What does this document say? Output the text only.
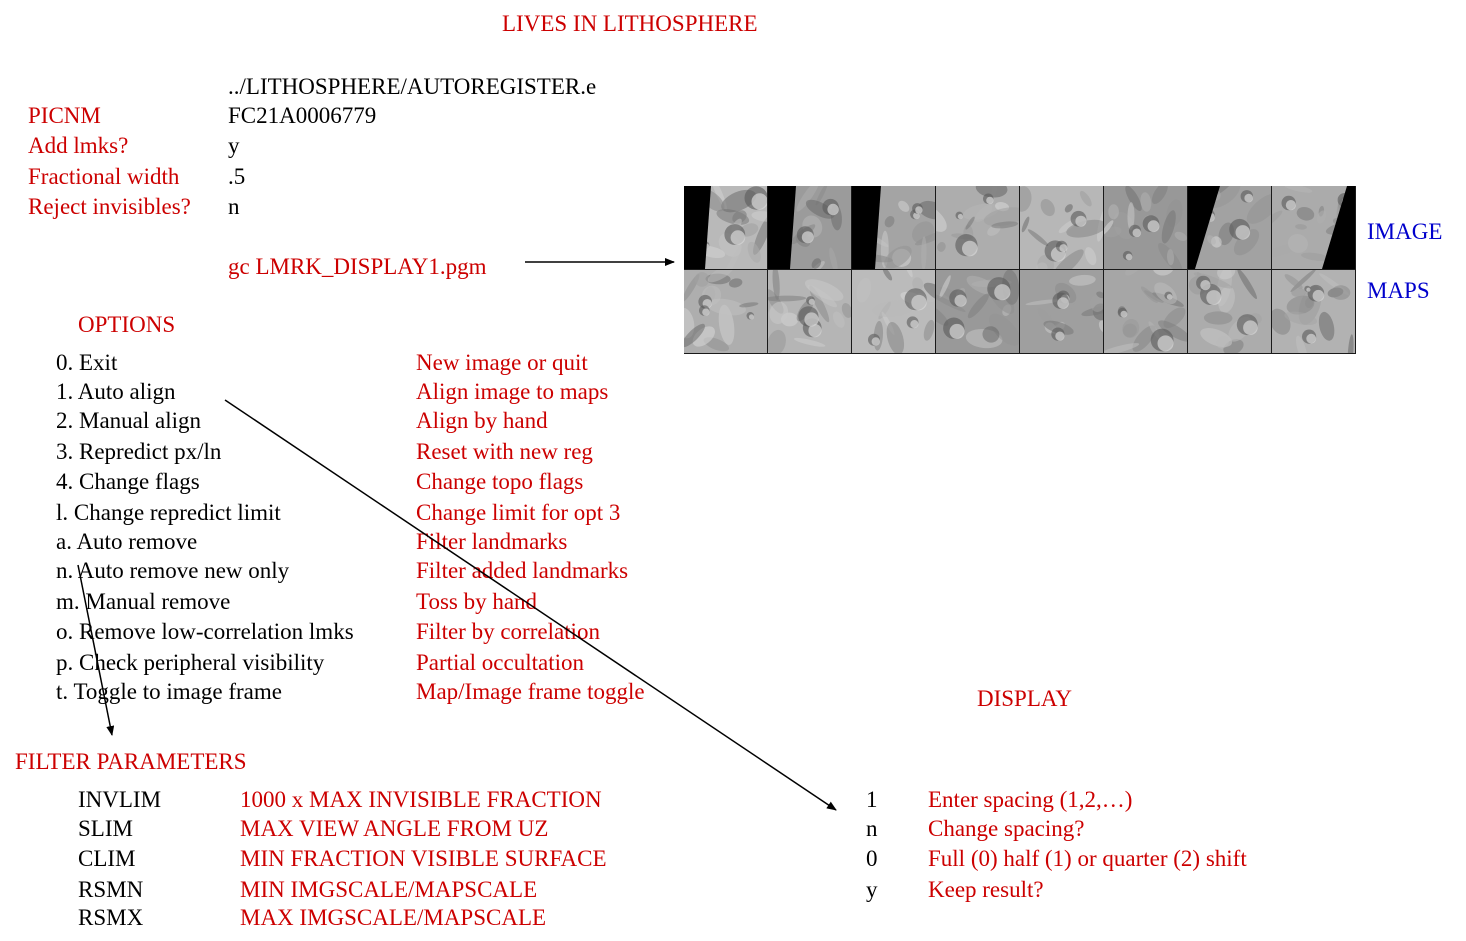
LIVES IN LITHOSPHERE
../LITHOSPHERE/AUTOREGISTER.e
PICNM	FC21A0006779
Add lmks?	y
Fractional width .5
Reject invisibles? n
gc LMRK_DISPLAY1.pgm
IMAGE
MAPS
OPTIONS
0. Exit	New image or quit
1. Auto align	Align image to maps
2. Manual align	Align by hand
3. Repredict px/ln	Reset with new reg
4. Change flags	Change topo flags
l. Change repredict limit	Change limit for opt 3
a. Auto remove	Filter landmarks
n. Auto remove new only	Filter added landmarks
m. Manual remove	Toss by hand
o. Remove low-correlation lmks	Filter by correlation
p. Check peripheral visibility	Partial occultation
t. Toggle to image frame	Map/Image frame toggle
FILTER PARAMETERS
INVLIM	1000 x MAX INVISIBLE FRACTION
SLIM	MAX VIEW ANGLE FROM UZ
CLIM	MIN FRACTION VISIBLE SURFACE
RSMN	MIN IMGSCALE/MAPSCALE
RSMX	MAX IMGSCALE/MAPSCALE
DISPLAY
1 Enter spacing (1,2,…)
n Change spacing?
0 Full (0) half (1) or quarter (2) shift
y Keep result?
